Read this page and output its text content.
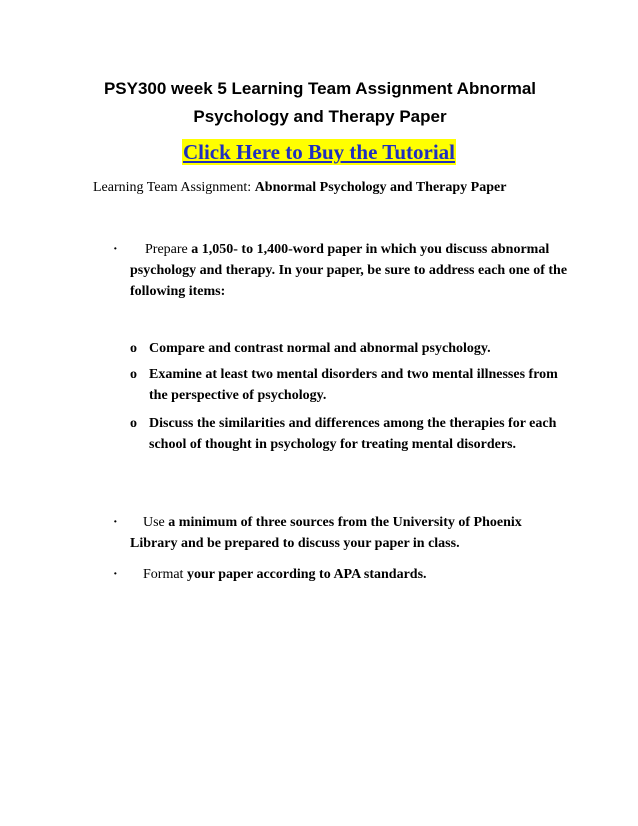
PSY300 week 5 Learning Team Assignment Abnormal
Psychology and Therapy Paper
Click Here to Buy the Tutorial
Learning Team Assignment: Abnormal Psychology and Therapy Paper
·	Prepare a 1,050- to 1,400-word paper in which you discuss abnormal psychology and therapy. In your paper, be sure to address each one of the following items:
o Compare and contrast normal and abnormal psychology.
o Examine at least two mental disorders and two mental illnesses from the perspective of psychology.
o Discuss the similarities and differences among the therapies for each school of thought in psychology for treating mental disorders.
·	Use a minimum of three sources from the University of Phoenix Library and be prepared to discuss your paper in class.
·	Format your paper according to APA standards.
